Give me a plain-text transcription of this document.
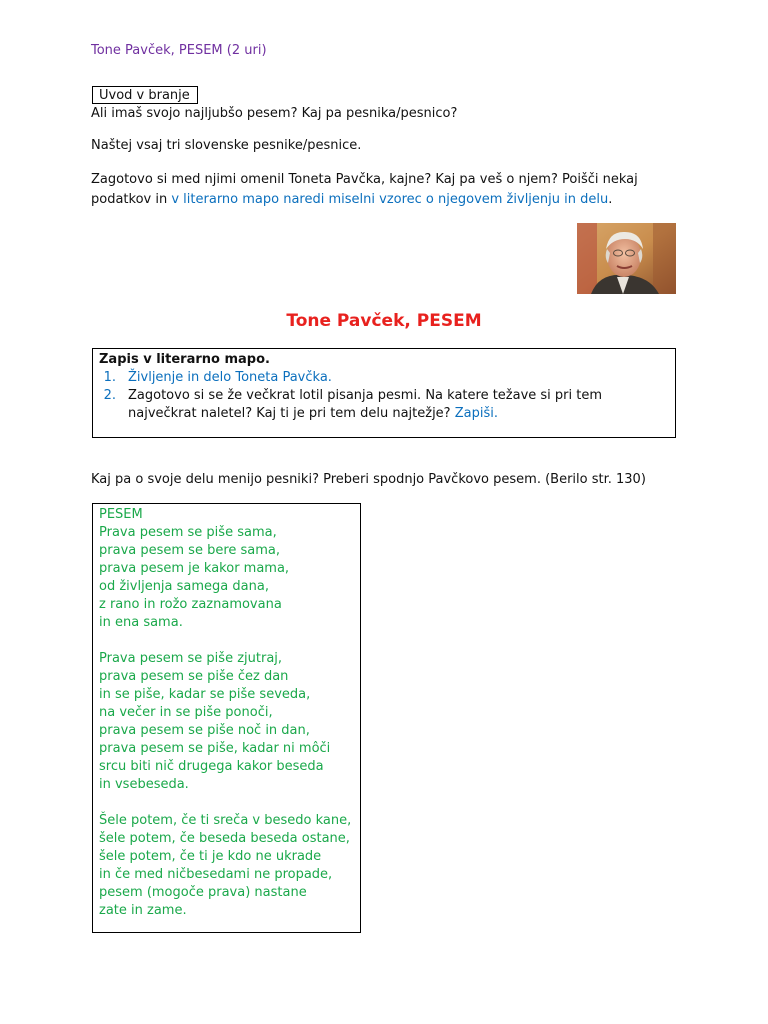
Tone Pavček, PESEM (2 uri)
Uvod v branje
Ali imaš svojo najljubšo pesem? Kaj pa pesnika/pesnico?
Naštej vsaj tri slovenske pesnike/pesnice.
Zagotovo si med njimi omenil Toneta Pavčka, kajne? Kaj pa veš o njem? Poišči nekaj
podatkov in v literarno mapo naredi miselni vzorec o njegovem življenju in delu.
Tone Pavček, PESEM
Zapis v literarno mapo.
1. Življenje in delo Toneta Pavčka.
2. Zagotovo si se že večkrat lotil pisanja pesmi. Na katere težave si pri tem največkrat naletel? Kaj ti je pri tem delu najtežje? Zapiši.
Kaj pa o svoje delu menijo pesniki? Preberi spodnjo Pavčkovo pesem. (Berilo str. 130)
PESEM
Prava pesem se piše sama,
prava pesem se bere sama,
prava pesem je kakor mama,
od življenja samega dana,
z rano in rožo zaznamovana
in ena sama.
Prava pesem se piše zjutraj,
prava pesem se piše čez dan
in se piše, kadar se piše seveda,
na večer in se piše ponoči,
prava pesem se piše noč in dan,
prava pesem se piše, kadar ni môči
srcu biti nič drugega kakor beseda
in vsebeseda.
Šele potem, če ti sreča v besedo kane,
šele potem, če beseda beseda ostane,
šele potem, če ti je kdo ne ukrade
in če med ničbesedami ne propade,
pesem (mogoče prava) nastane
zate in zame.
